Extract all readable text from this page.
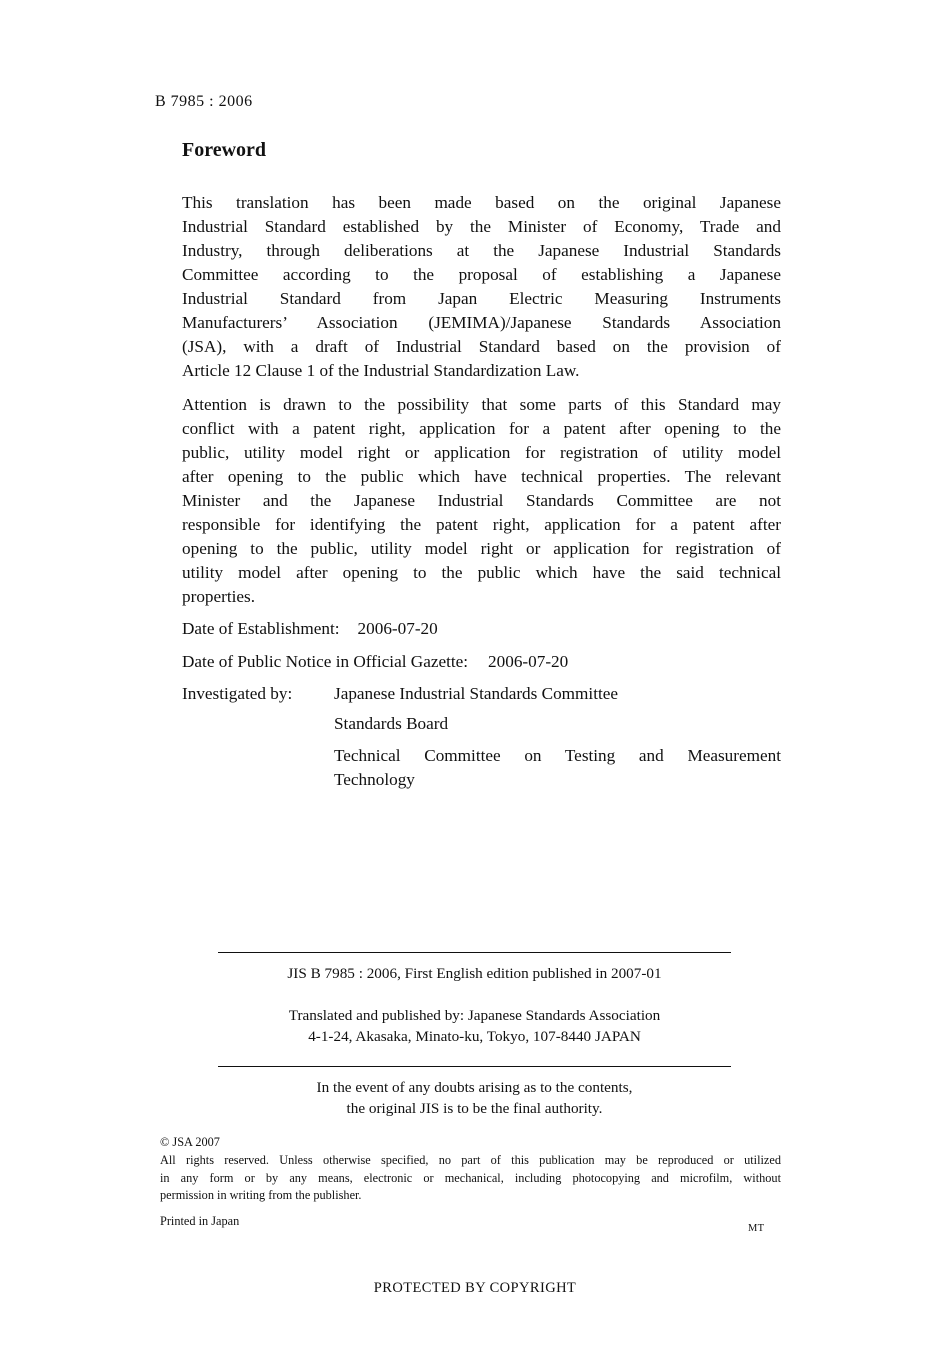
B 7985 : 2006
Foreword

This translation has been made based on the original Japanese
Industrial Standard established by the Minister of Economy, Trade and
Industry, through deliberations at the Japanese Industrial Standards
Committee according to the proposal of establishing a Japanese
Industrial Standard from Japan Electric Measuring Instruments
Manufacturers’ Association (JEMIMA)/Japanese Standards Association
(JSA), with a draft of Industrial Standard based on the provision of
Article 12 Clause 1 of the Industrial Standardization Law.

Attention is drawn to the possibility that some parts of this Standard may
conflict with a patent right, application for a patent after opening to the
public, utility model right or application for registration of utility model
after opening to the public which have technical properties. The relevant
Minister and the Japanese Industrial Standards Committee are not
responsible for identifying the patent right, application for a patent after
opening to the public, utility model right or application for registration of
utility model after opening to the public which have the said technical
properties.

Date of Establishment: 2006-07-20
Date of Public Notice in Official Gazette: 2006-07-20
Investigated by: Japanese Industrial Standards Committee
Standards Board
Technical Committee on Testing and Measurement
Technology
JIS B 7985 : 2006, First English edition published in 2007-01
Translated and published by: Japanese Standards Association
4-1-24, Akasaka, Minato-ku, Tokyo, 107-8440 JAPAN
In the event of any doubts arising as to the contents,
the original JIS is to be the final authority.
© JSA 2007
All rights reserved. Unless otherwise specified, no part of this publication may be reproduced or utilized
in any form or by any means, electronic or mechanical, including photocopying and microfilm, without
permission in writing from the publisher.
Printed in Japan
MT
PROTECTED BY COPYRIGHT
